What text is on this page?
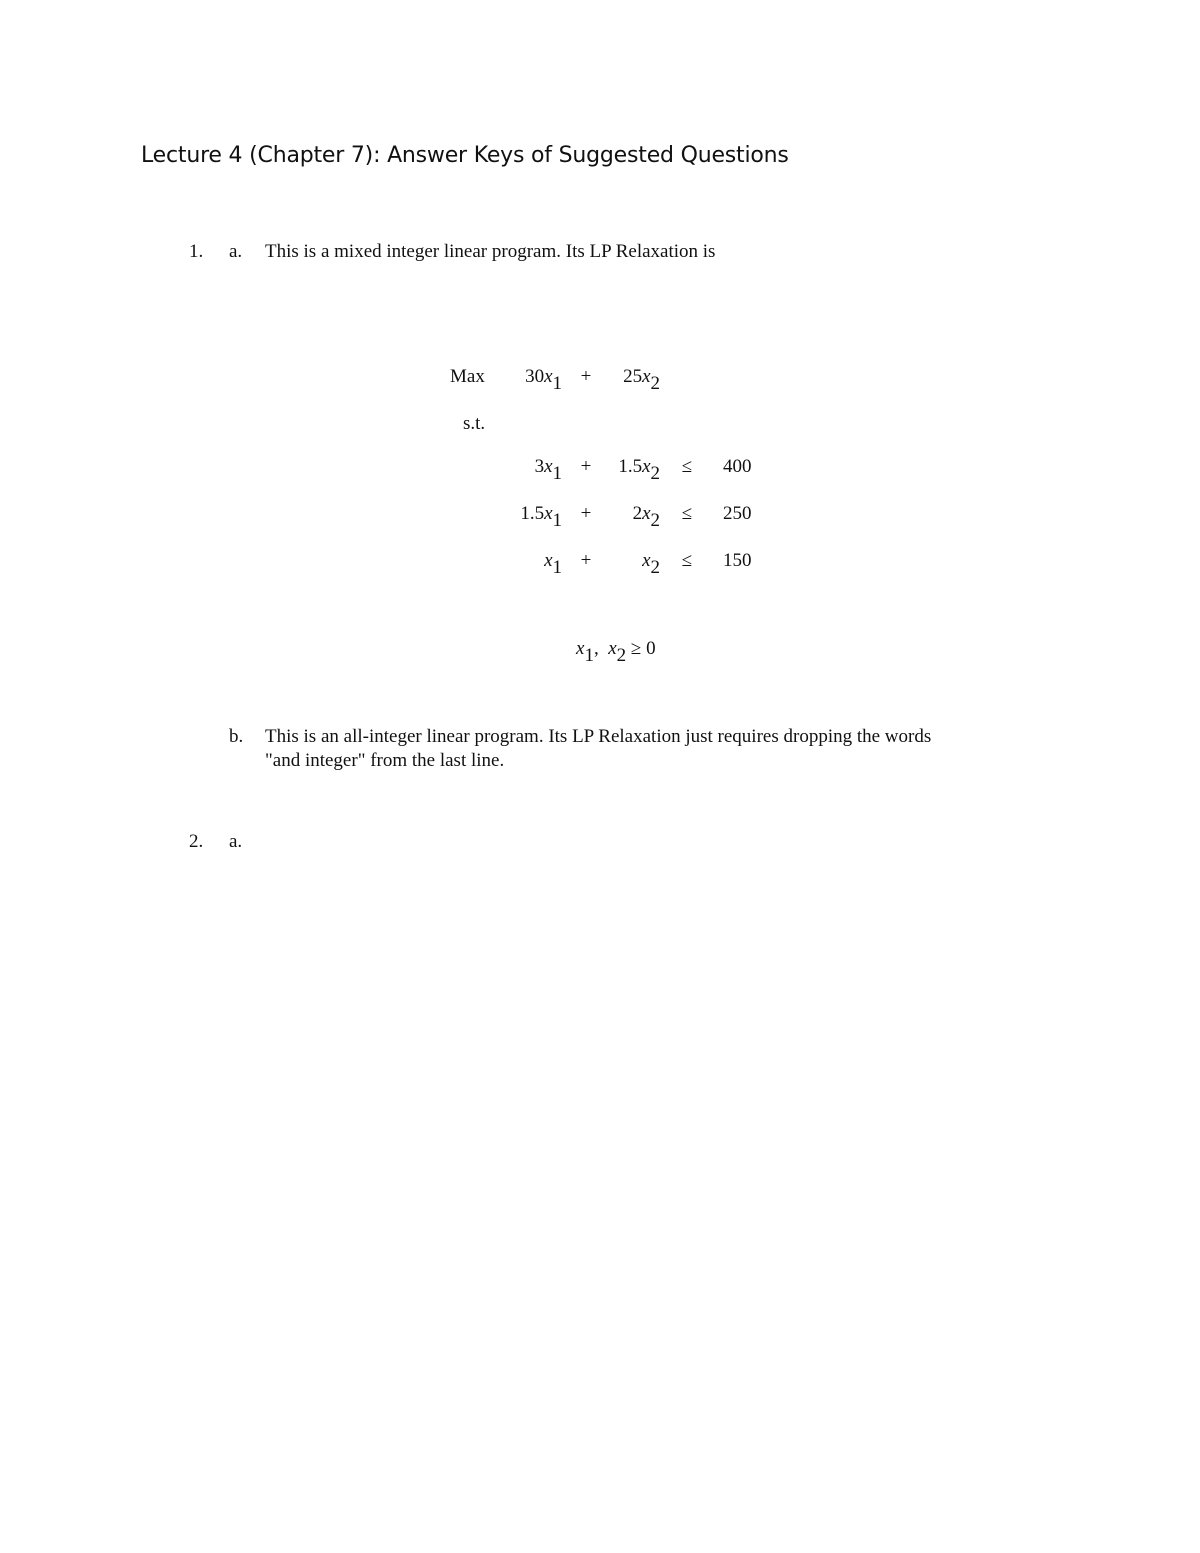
Lecture 4 (Chapter 7): Answer Keys of Suggested Questions
1. a. This is a mixed integer linear program. Its LP Relaxation is
Max	$30x_1$ +	$25x_2$
s.t.
$3x_1$ +	$1.5x_2$	≤	400
$1.5x_1$ +	$2x_2$	≤	250
$x_1$ +	$x_2$	≤	150
$x_1$, $x_2 \ge 0$
b. This is an all-integer linear program. Its LP Relaxation just requires dropping the words
"and integer" from the last line.
2. a.
